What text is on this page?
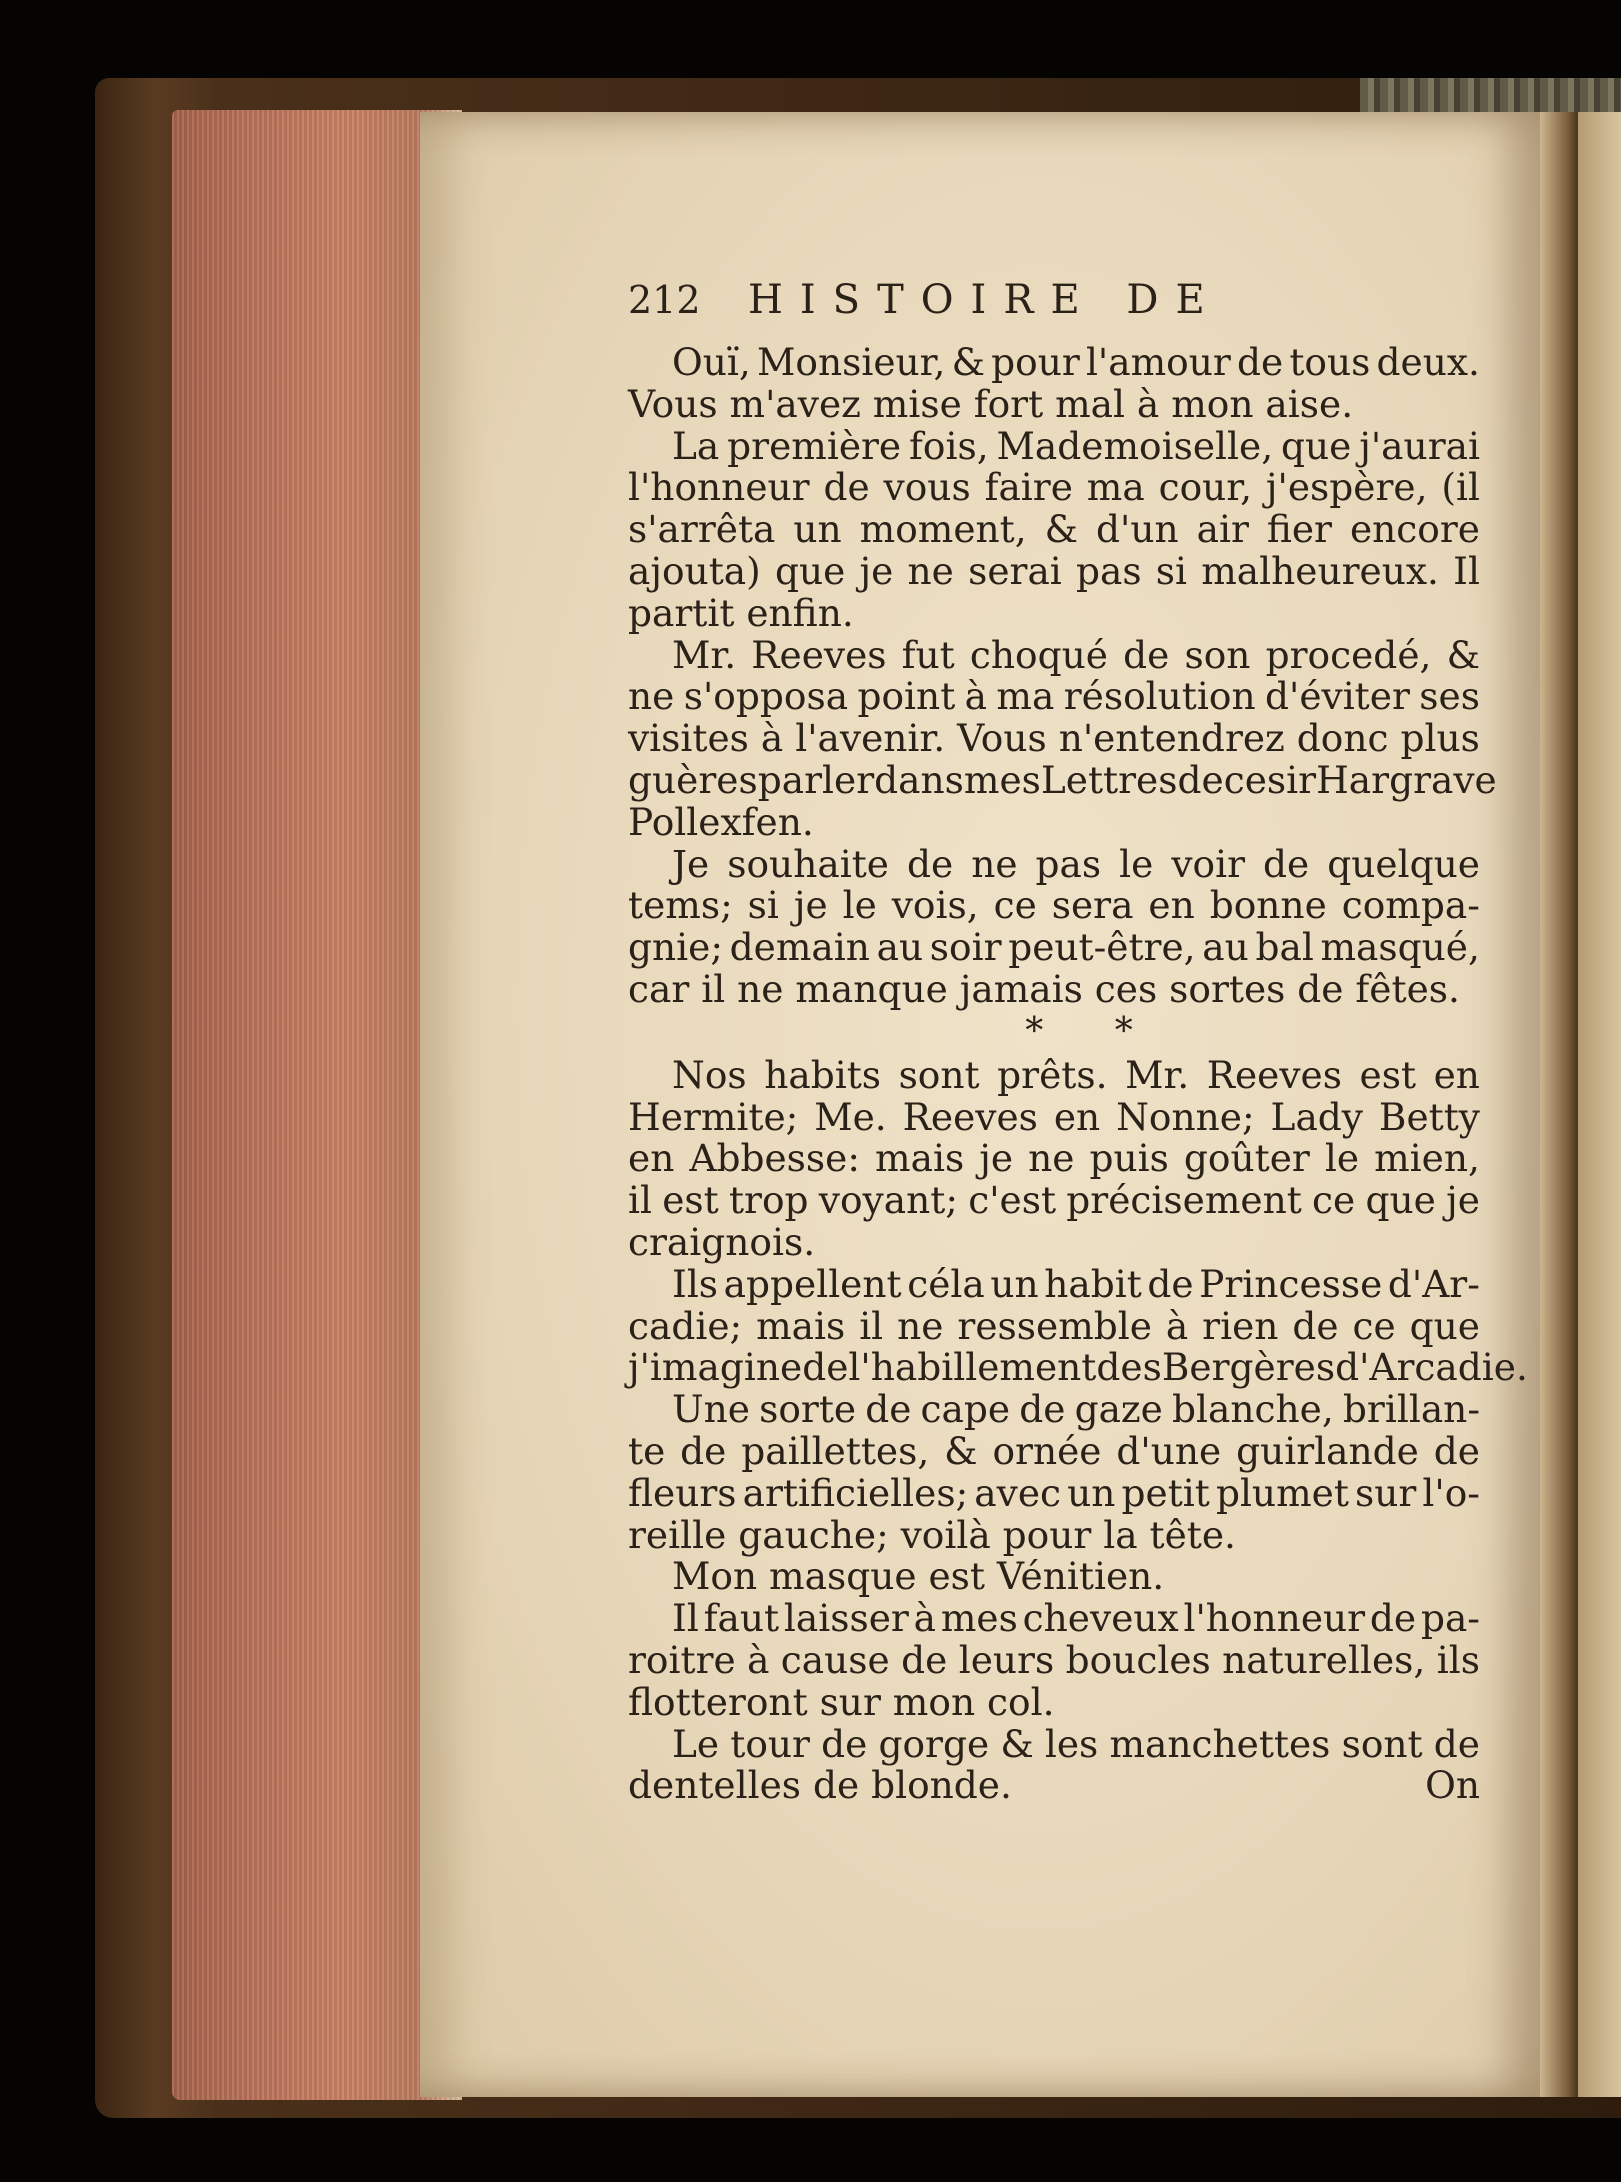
212	HISTOIRE DE
Ouï, Monsieur, & pour l'amour de tous deux.
Vous m'avez mise fort mal à mon aise.
La première fois, Mademoiselle, que j'aurai
l'honneur de vous faire ma cour, j'espère, (il
s'arrêta un moment, & d'un air fier encore
ajouta) que je ne serai pas si malheureux. Il
partit enfin.
Mr. Reeves fut choqué de son procedé, &
ne s'opposa point à ma résolution d'éviter ses
visites à l'avenir. Vous n'entendrez donc plus
guères parler dans mes Lettres de ce sir Hargrave
Pollexfen.
Je souhaite de ne pas le voir de quelque
tems; si je le vois, ce sera en bonne compa-
gnie; demain au soir peut-être, au bal masqué,
car il ne manque jamais ces sortes de fêtes.
* *
Nos habits sont prêts. Mr. Reeves est en
Hermite; Me. Reeves en Nonne; Lady Betty
en Abbesse: mais je ne puis goûter le mien,
il est trop voyant; c'est précisement ce que je
craignois.
Ils appellent céla un habit de Princesse d'Ar-
cadie; mais il ne ressemble à rien de ce que
j'imagine de l'habillement des Bergères d'Arcadie.
Une sorte de cape de gaze blanche, brillan-
te de paillettes, & ornée d'une guirlande de
fleurs artificielles; avec un petit plumet sur l'o-
reille gauche; voilà pour la tête.
Mon masque est Vénitien.
Il faut laisser à mes cheveux l'honneur de pa-
roitre à cause de leurs boucles naturelles, ils
flotteront sur mon col.
Le tour de gorge & les manchettes sont de
dentelles de blonde.	On
